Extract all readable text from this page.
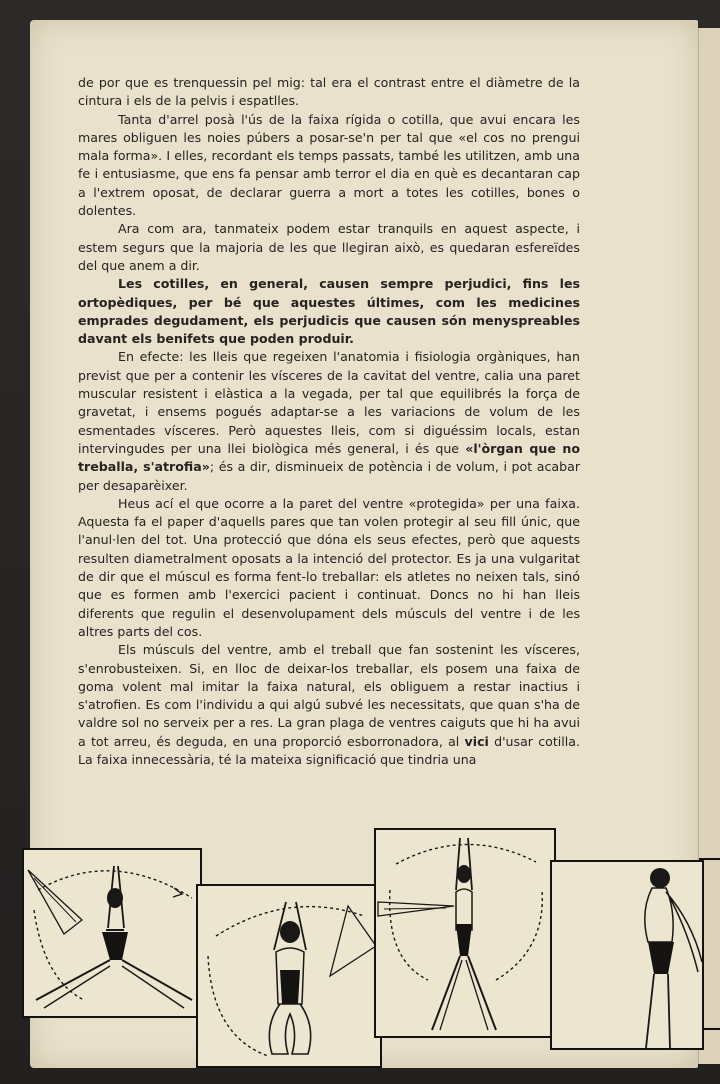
de por que es trenquessin pel mig: tal era el contrast entre el diàmetre de la cintura i els de la pelvis i espatlles.

Tanta d'arrel posà l'ús de la faixa rígida o cotilla, que avui encara les mares obliguen les noies púbers a posar-se'n per tal que «el cos no prengui mala forma». I elles, recordant els temps passats, també les utilitzen, amb una fe i entusiasme, que ens fa pensar amb terror el dia en què es decantaran cap a l'extrem oposat, de declarar guerra a mort a totes les cotilles, bones o dolentes.

Ara com ara, tanmateix podem estar tranquils en aquest aspecte, i estem segurs que la majoria de les que llegiran això, es quedaran esfereïdes del que anem a dir.

Les cotilles, en general, causen sempre perjudici, fins les ortopèdiques, per bé que aquestes últimes, com les medicines emprades degudament, els perjudicis que causen són menyspreables davant els benifets que poden produir.

En efecte: les lleis que regeixen l'anatomia i fisiologia orgàniques, han previst que per a contenir les vísceres de la cavitat del ventre, calia una paret muscular resistent i elàstica a la vegada, per tal que equilibrés la força de gravetat, i ensems pogués adaptar-se a les variacions de volum de les esmentades vísceres. Però aquestes lleis, com si diguéssim locals, estan intervingudes per una llei biològica més general, i és que «l'òrgan que no treballa, s'atrofia»; és a dir, disminueix de potència i de volum, i pot acabar per desaparèixer.

Heus ací el que ocorre a la paret del ventre «protegida» per una faixa. Aquesta fa el paper d'aquells pares que tan volen protegir al seu fill únic, que l'anul·len del tot. Una protecció que dóna els seus efectes, però que aquests resulten diametralment oposats a la intenció del protector. Es ja una vulgaritat de dir que el múscul es forma fent-lo treballar: els atletes no neixen tals, sinó que es formen amb l'exercici pacient i continuat. Doncs no hi han lleis diferents que regulin el desenvolupament dels músculs del ventre i de les altres parts del cos.

Els músculs del ventre, amb el treball que fan sostenint les vísceres, s'enrobusteixen. Si, en lloc de deixar-los treballar, els posem una faixa de goma volent mal imitar la faixa natural, els obliguem a restar inactius i s'atrofien. Es com l'individu a qui algú subvé les necessitats, que quan s'ha de valdre sol no serveix per a res. La gran plaga de ventres caiguts que hi ha avui a tot arreu, és deguda, en una proporció esborronadora, al vici d'usar cotilla. La faixa innecessària, té la mateixa significació que tindria una
